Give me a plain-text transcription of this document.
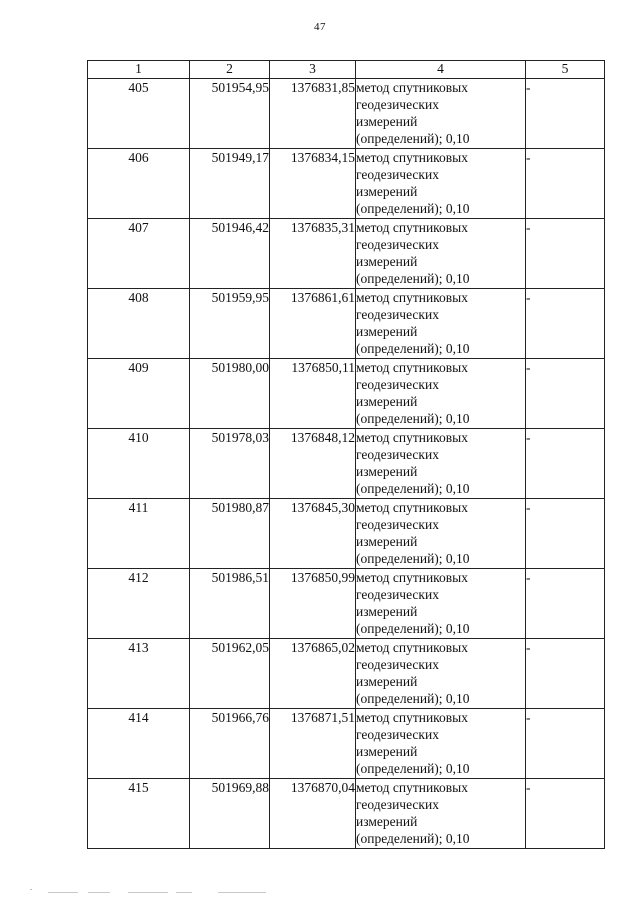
47
1	2	3	4	5
405	501954,95	1376831,85	метод спутниковых
геодезических
измерений
(определений); 0,10	-
406	501949,17	1376834,15	метод спутниковых
геодезических
измерений
(определений); 0,10	-
407	501946,42	1376835,31	метод спутниковых
геодезических
измерений
(определений); 0,10	-
408	501959,95	1376861,61	метод спутниковых
геодезических
измерений
(определений); 0,10	-
409	501980,00	1376850,11	метод спутниковых
геодезических
измерений
(определений); 0,10	-
410	501978,03	1376848,12	метод спутниковых
геодезических
измерений
(определений); 0,10	-
411	501980,87	1376845,30	метод спутниковых
геодезических
измерений
(определений); 0,10	-
412	501986,51	1376850,99	метод спутниковых
геодезических
измерений
(определений); 0,10	-
413	501962,05	1376865,02	метод спутниковых
геодезических
измерений
(определений); 0,10	-
414	501966,76	1376871,51	метод спутниковых
геодезических
измерений
(определений); 0,10	-
415	501969,88	1376870,04	метод спутниковых
геодезических
измерений
(определений); 0,10	-
